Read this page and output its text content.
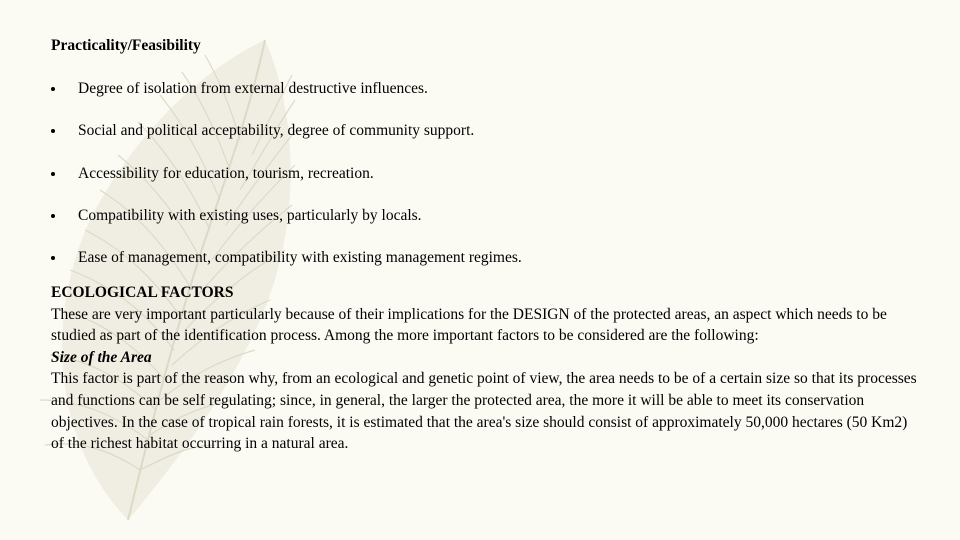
Practicality/Feasibility
Degree of isolation from external destructive influences.
Social and political acceptability, degree of community support.
Accessibility for education, tourism, recreation.
Compatibility with existing uses, particularly by locals.
Ease of management, compatibility with existing management regimes.

ECOLOGICAL FACTORS

These are very important particularly because of their implications for the DESIGN of the protected areas, an aspect which needs to be studied as part of the identification process. Among the more important factors to be considered are the following:

Size of the Area

This factor is part of the reason why, from an ecological and genetic point of view, the area needs to be of a certain size so that its processes and functions can be self regulating; since, in general, the larger the protected area, the more it will be able to meet its conservation objectives. In the case of tropical rain forests, it is estimated that the area's size should consist of approximately 50,000 hectares (50 Km2) of the richest habitat occurring in a natural area.
